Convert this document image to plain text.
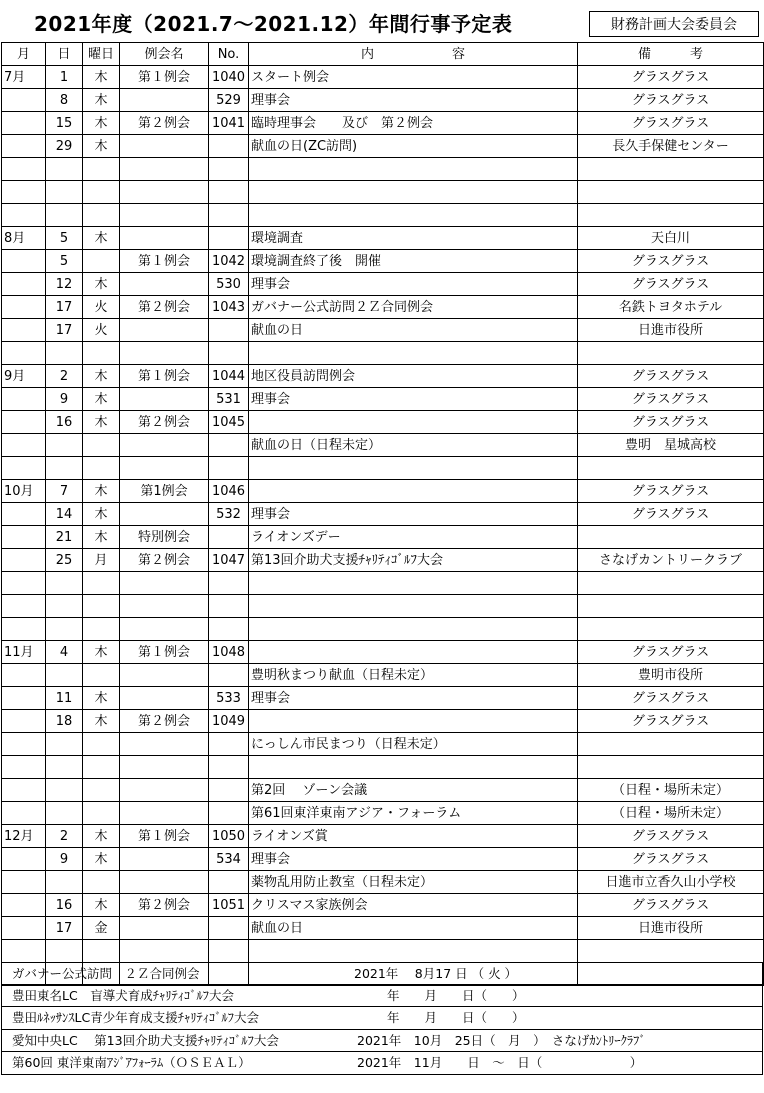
2021年度（2021.7～2021.12）年間行事予定表	財務計画大会委員会
月	日	曜日	例会名	No.	内　　　　　　容	備　　　考
7月	1	木	第１例会	1040	スタート例会	グラスグラス
	8	木		529	理事会	グラスグラス
	15	木	第２例会	1041	臨時理事会　　及び　第２例会	グラスグラス
	29	木			献血の日(ZC訪問)	長久手保健センター

8月	5	木			環境調査	天白川
	5		第１例会	1042	環境調査終了後　開催	グラスグラス
	12	木		530	理事会	グラスグラス
	17	火	第２例会	1043	ガバナー公式訪問２Ｚ合同例会	名鉄トヨタホテル
	17	火			献血の日	日進市役所

9月	2	木	第１例会	1044	地区役員訪問例会	グラスグラス
	9	木		531	理事会	グラスグラス
	16	木	第２例会	1045		グラスグラス
					献血の日（日程未定）	豊明　星城高校

10月	7	木	第1例会	1046		グラスグラス
	14	木		532	理事会	グラスグラス
	21	木	特別例会		ライオンズデー	
	25	月	第２例会	1047	第13回介助犬支援ﾁｬﾘﾃｨｺﾞﾙﾌ大会	さなげカントリークラブ

11月	4	木	第１例会	1048		グラスグラス
					豊明秋まつり献血（日程未定）	豊明市役所
	11	木		533	理事会	グラスグラス
	18	木	第２例会	1049		グラスグラス
					にっしん市民まつり（日程未定）	

					第2回　 ゾーン会議	（日程・場所未定）
					第61回東洋東南アジア・フォーラム	（日程・場所未定）
12月	2	木	第１例会	1050	ライオンズ賞	グラスグラス
	9	木		534	理事会	グラスグラス
					薬物乱用防止教室（日程未定）	日進市立香久山小学校
	16	木	第２例会	1051	クリスマス家族例会	グラスグラス
	17	金			献血の日	日進市役所

ガバナー公式訪問　２Ｚ合同例会	2021年　 8月17 日 （ 火 ）
豊田東名LC　盲導犬育成ﾁｬﾘﾃｨｺﾞﾙﾌ大会	年　　月　　日（　　）
豊田ﾙﾈｯｻﾝｽLC青少年育成支援ﾁｬﾘﾃｨｺﾞﾙﾌ大会	年　　月　　日（　　）
愛知中央LC　 第13回介助犬支援ﾁｬﾘﾃｨｺﾞﾙﾌ大会	2021年　10月　25日（　月　）　さなげｶﾝﾄﾘｰｸﾗﾌﾞ
第60回 東洋東南ｱｼﾞｱﾌｫｰﾗﾑ（ＯＳＥＡＬ）	2021年　11月　　日　～　日（　　　　　　　）
